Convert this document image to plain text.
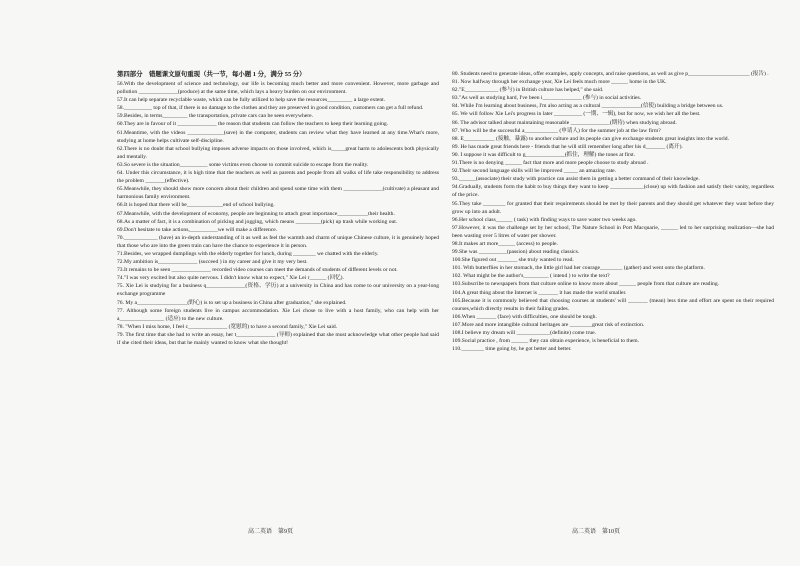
第四部分　错题课文原句重现（共一节，每小题 1 分，满分 55 分）

56.With the development of science and technology, our life is becoming much better and more convenient. However, more garbage and pollution ______________(produce) at the same time, which lays a heavy burden on our environment.

57.It can help separate recyclable waste, which can be fully utilized to help save the resources_________ a large extent.

58.__________ top of that, if there is no damage to the clothes and they are preserved in good condition, customers can get a full refund.

59.Besides, in terms_________ the transportation, private cars can be seen everywhere.

60.They are in favour of it ______________ the reason that students can follow the teachers to keep their learning going.

61.Meantime, with the videos _____________(save) in the computer, students can review what they have learned at any time.What's more, studying at home helps cultivate self-discipline.

62.There is no doubt that school bullying imposes adverse impacts on those involved, which is_____great harm to adolescents both physically and mentally.

63.So severe is the situation__________ some victims even choose to commit suicide to escape from the reality.

64. Under this circumstance, it is high time that the teachers as well as parents and people from all walks of life take responsibility to address the problem _______(effective).

65.Meanwhile, they should show more concern about their children and spend some time with them ______________(cultivate) a pleasant and harmonious family environment.

66.It is hoped that there will be_____________end of school bullying.

67.Meanwhile, with the development of economy, people are beginning to attach great importance___________their health.

68.As a matter of fact, it is a combination of picking and jogging, which means _________(pick) up trash while working out.

69.Don't hesitate to take actions,__________we will make a difference.

70.____________ (have) an in-depth understanding of it as well as feel the warmth and charm of unique Chinese culture, it is genuinely hoped that those who are into the green train can have the chance to experience it in person.

71.Besides, we wrapped dumplings with the elderly together for lunch, during ________ we chatted with the elderly.

72.My ambition is______________ (succeed ) in my career and give it my very best.

73.It remains to be seen ______________ recorded video courses can meet the demands of students of different levels or not.

74."I was very excited but also quite nervous. I didn't know what to expect," Xie Lei r______ (回忆).

75. Xie Lei is studying for a business q______________(资格、学历) at a university in China and has come to our university on a year-long exchange programme

76. My a__________________(野心) is to set up a business in China after graduation," she explained.

77. Although some foreign students live in campus accommodation. Xie Lei chose to live with a host family, who can help with her a________________ (适应) to the new culture.

78. "When I miss home, I feel c______________ (宽慰的) to have a second family," Xie Lei said.

79. The first time that she had to write an essay, her t______________ (导师) explained that she must acknowledge what other people had said if she cited their ideas, but that he mainly wanted to know what she thought!

80. Students need to generate ideas, offer examples, apply concepts, and raise questions, as well as give p______________________ (报告) .

81. Now halfway through her exchange year, Xie Lei feels much more ______ home in the UK.

82."E____________ (参与) in British culture has helped," she said.

83."As well as studying hard, I've been i______________ (参与) in social activities.

84. While I'm learning about business, I'm also acting as a cultural ______________(信使) building a bridge between us.

85. We will follow Xie Lei's progress in later __________ (一期、一辑), but for now, we wish her all the best.

86. The advisor talked about maintaining reasonable ______________(期待) when studying abroad.

87. Who will be the successful a____________ (申请人) for the summer job at the law firm?

88. E___________ (接触，暴露) to another culture and its people can give exchange students great insights into the world.

89. He has made great friends here - friends that he will still remember long after his d_______ (离开).

90. I suppose it was difficult to g______________(抓住，理解) the tones at first.

91.There is no denying ______ fact that more and more people choose to study abroad .

92.Their second language skills will be improved _____ an amazing rate.

93.______(associate) their study with practice can assist them in getting a better command of their knowledge.

94.Gradually, students form the habit to buy things they want to keep ____________(close) up with fashion and satisfy their vanity, regardless of the price.

95.They take ________ for granted that their requirements should be met by their parents and they should get whatever they want before they grow up into an adult.

96.Her school class______ ( task) with finding ways to save water two weeks ago.

97.However, it was the challenge set by her school, The Nature School in Port Macquarie, ______ led to her surprising realization—she had been wasting over 5 litres of water per shower.

98.It makes art more______ (access) to people.

99.She was __________(passion) about reading classics.

100.She figured out _______ she truly wanted to read.

101. With butterflies in her stomach, the little girl had her courage________ (gather) and went onto the platform.

102. What might be the author's_________ ( intend ) to write the text?

103.Subscribe to newspapers from that culture online to know more about ______ people from that culture are reading.

104.A great thing about the Internet is _______ it has made the world smaller.

105.Because it is commonly believed that choosing courses at students' will _______ (mean) less time and effort are spent on their required courses,which directly results in their failing grades.

106.When _______ (face) with difficulties, one should be tough.

107.More and more intangible cultural heritages are ________great risk of extinction.

108.I believe my dream will ____________(definite) come true.

109.Social practice , from ______ they can obtain experience, is beneficial to them.

110.________ time going by, he got better and better.

高二英语　第9页	高二英语　第10页
